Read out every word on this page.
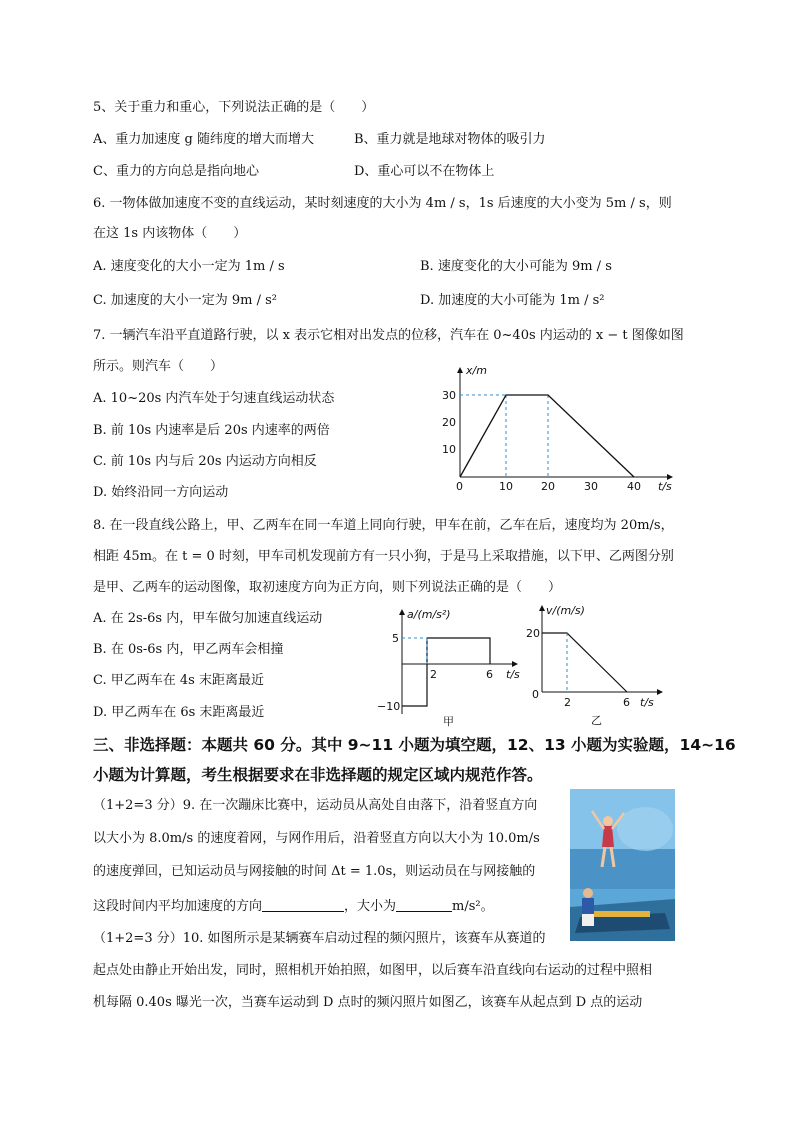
5、关于重力和重心，下列说法正确的是（　　）
A、重力加速度 g 随纬度的增大而增大	B、重力就是地球对物体的吸引力
C、重力的方向总是指向地心	D、重心可以不在物体上
6. 一物体做加速度不变的直线运动，某时刻速度的大小为 4m / s，1s 后速度的大小变为 5m / s，则
在这 1s 内该物体（　　）
A. 速度变化的大小一定为 1m / s	B. 速度变化的大小可能为 9m / s
C. 加速度的大小一定为 9m / s²	D. 加速度的大小可能为 1m / s²
7. 一辆汽车沿平直道路行驶，以 x 表示它相对出发点的位移，汽车在 0~40s 内运动的 x − t 图像如图
所示。则汽车（　　）
A. 10~20s 内汽车处于匀速直线运动状态
B. 前 10s 内速率是后 20s 内速率的两倍
C. 前 10s 内与后 20s 内运动方向相反
D. 始终沿同一方向运动
x/m
t/s
30
20
10
0	10	20	30	40
8. 在一段直线公路上，甲、乙两车在同一车道上同向行驶，甲车在前，乙车在后，速度均为 20m/s，
相距 45m。在 t = 0 时刻，甲车司机发现前方有一只小狗，于是马上采取措施，以下甲、乙两图分别
是甲、乙两车的运动图像，取初速度方向为正方向，则下列说法正确的是（　　）
A. 在 2s-6s 内，甲车做匀加速直线运动
B. 在 0s-6s 内，甲乙两车会相撞
C. 甲乙两车在 4s 末距离最近
D. 甲乙两车在 6s 末距离最近
a/(m/s²)
t/s
5
−10
2	6
甲
v/(m/s)
t/s
20
0
2	6
乙
三、非选择题：本题共 60 分。其中 9~11 小题为填空题，12、13 小题为实验题，14~16
小题为计算题，考生根据要求在非选择题的规定区域内规范作答。
（1+2=3 分）9. 在一次蹦床比赛中，运动员从高处自由落下，沿着竖直方向
以大小为 8.0m/s 的速度着网，与网作用后，沿着竖直方向以大小为 10.0m/s
的速度弹回，已知运动员与网接触的时间 Δt = 1.0s，则运动员在与网接触的
这段时间内平均加速度的方向	，大小为	m/s²。
（1+2=3 分）10. 如图所示是某辆赛车启动过程的频闪照片，该赛车从赛道的
起点处由静止开始出发，同时，照相机开始拍照，如图甲，以后赛车沿直线向右运动的过程中照相
机每隔 0.40s 曝光一次，当赛车运动到 D 点时的频闪照片如图乙，该赛车从起点到 D 点的运动
